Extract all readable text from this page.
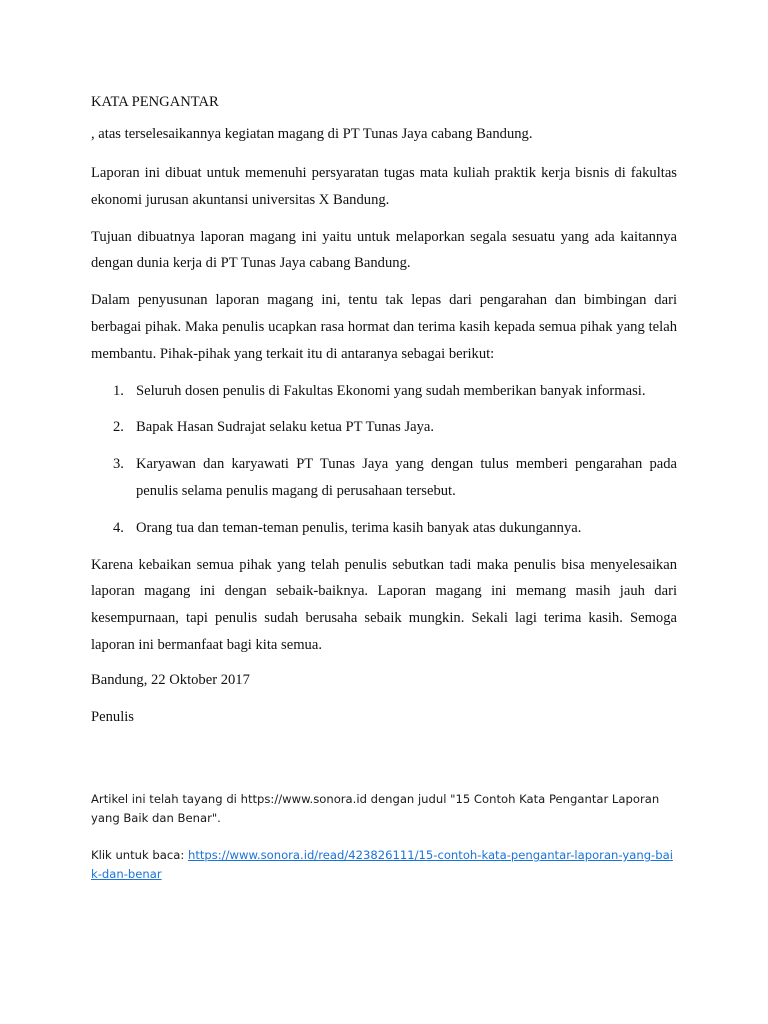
KATA PENGANTAR

, atas terselesaikannya kegiatan magang di PT Tunas Jaya cabang Bandung.

Laporan ini dibuat untuk memenuhi persyaratan tugas mata kuliah praktik kerja bisnis di fakultas ekonomi jurusan akuntansi universitas X Bandung.

Tujuan dibuatnya laporan magang ini yaitu untuk melaporkan segala sesuatu yang ada kaitannya dengan dunia kerja di PT Tunas Jaya cabang Bandung.

Dalam penyusunan laporan magang ini, tentu tak lepas dari pengarahan dan bimbingan dari berbagai pihak. Maka penulis ucapkan rasa hormat dan terima kasih kepada semua pihak yang telah membantu. Pihak-pihak yang terkait itu di antaranya sebagai berikut:

1. Seluruh dosen penulis di Fakultas Ekonomi yang sudah memberikan banyak informasi.
2. Bapak Hasan Sudrajat selaku ketua PT Tunas Jaya.
3. Karyawan dan karyawati PT Tunas Jaya yang dengan tulus memberi pengarahan pada penulis selama penulis magang di perusahaan tersebut.
4. Orang tua dan teman-teman penulis, terima kasih banyak atas dukungannya.

Karena kebaikan semua pihak yang telah penulis sebutkan tadi maka penulis bisa menyelesaikan laporan magang ini dengan sebaik-baiknya. Laporan magang ini memang masih jauh dari kesempurnaan, tapi penulis sudah berusaha sebaik mungkin. Sekali lagi terima kasih. Semoga laporan ini bermanfaat bagi kita semua.

Bandung, 22 Oktober 2017

Penulis

Artikel ini telah tayang di https://www.sonora.id dengan judul "15 Contoh Kata Pengantar Laporan yang Baik dan Benar".

Klik untuk baca: https://www.sonora.id/read/423826111/15-contoh-kata-pengantar-laporan-yang-baik-dan-benar
